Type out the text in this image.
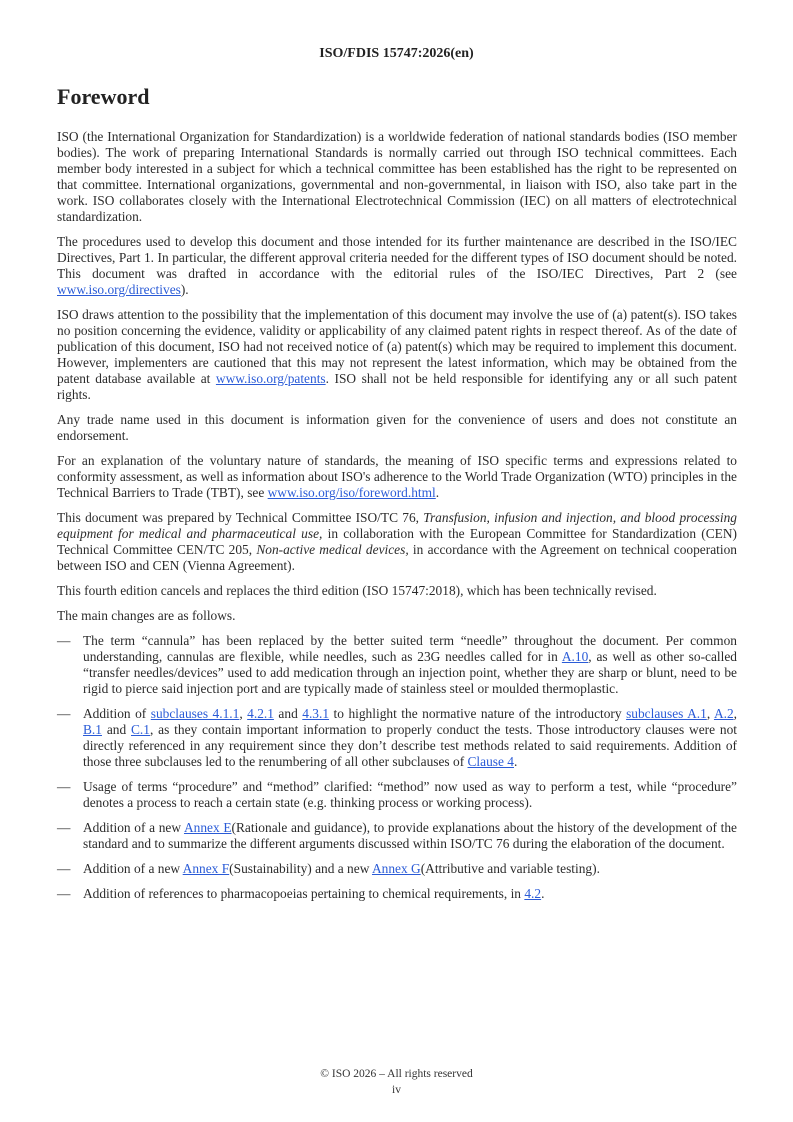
ISO/FDIS 15747:2026(en)
Foreword

ISO (the International Organization for Standardization) is a worldwide federation of national standards bodies (ISO member bodies). The work of preparing International Standards is normally carried out through ISO technical committees. Each member body interested in a subject for which a technical committee has been established has the right to be represented on that committee. International organizations, governmental and non-governmental, in liaison with ISO, also take part in the work. ISO collaborates closely with the International Electrotechnical Commission (IEC) on all matters of electrotechnical standardization.

The procedures used to develop this document and those intended for its further maintenance are described in the ISO/IEC Directives, Part 1. In particular, the different approval criteria needed for the different types of ISO document should be noted. This document was drafted in accordance with the editorial rules of the ISO/IEC Directives, Part 2 (see www.iso.org/directives).

ISO draws attention to the possibility that the implementation of this document may involve the use of (a) patent(s). ISO takes no position concerning the evidence, validity or applicability of any claimed patent rights in respect thereof. As of the date of publication of this document, ISO had not received notice of (a) patent(s) which may be required to implement this document. However, implementers are cautioned that this may not represent the latest information, which may be obtained from the patent database available at www.iso.org/patents. ISO shall not be held responsible for identifying any or all such patent rights.

Any trade name used in this document is information given for the convenience of users and does not constitute an endorsement.

For an explanation of the voluntary nature of standards, the meaning of ISO specific terms and expressions related to conformity assessment, as well as information about ISO's adherence to the World Trade Organization (WTO) principles in the Technical Barriers to Trade (TBT), see www.iso.org/iso/foreword.html.

This document was prepared by Technical Committee ISO/TC 76, Transfusion, infusion and injection, and blood processing equipment for medical and pharmaceutical use, in collaboration with the European Committee for Standardization (CEN) Technical Committee CEN/TC 205, Non-active medical devices, in accordance with the Agreement on technical cooperation between ISO and CEN (Vienna Agreement).

This fourth edition cancels and replaces the third edition (ISO 15747:2018), which has been technically revised.

The main changes are as follows.

— The term “cannula” has been replaced by the better suited term “needle” throughout the document. Per common understanding, cannulas are flexible, while needles, such as 23G needles called for in A.10, as well as other so-called “transfer needles/devices” used to add medication through an injection point, whether they are sharp or blunt, need to be rigid to pierce said injection port and are typically made of stainless steel or moulded thermoplastic.
— Addition of subclauses 4.1.1, 4.2.1 and 4.3.1 to highlight the normative nature of the introductory subclauses A.1, A.2, B.1 and C.1, as they contain important information to properly conduct the tests. Those introductory clauses were not directly referenced in any requirement since they don’t describe test methods related to said requirements. Addition of those three subclauses led to the renumbering of all other subclauses of Clause 4.
— Usage of terms “procedure” and “method” clarified: “method” now used as way to perform a test, while “procedure” denotes a process to reach a certain state (e.g. thinking process or working process).
— Addition of a new Annex E(Rationale and guidance), to provide explanations about the history of the development of the standard and to summarize the different arguments discussed within ISO/TC 76 during the elaboration of the document.
— Addition of a new Annex F(Sustainability) and a new Annex G(Attributive and variable testing).
— Addition of references to pharmacopoeias pertaining to chemical requirements, in 4.2.
© ISO 2026 – All rights reserved
iv
